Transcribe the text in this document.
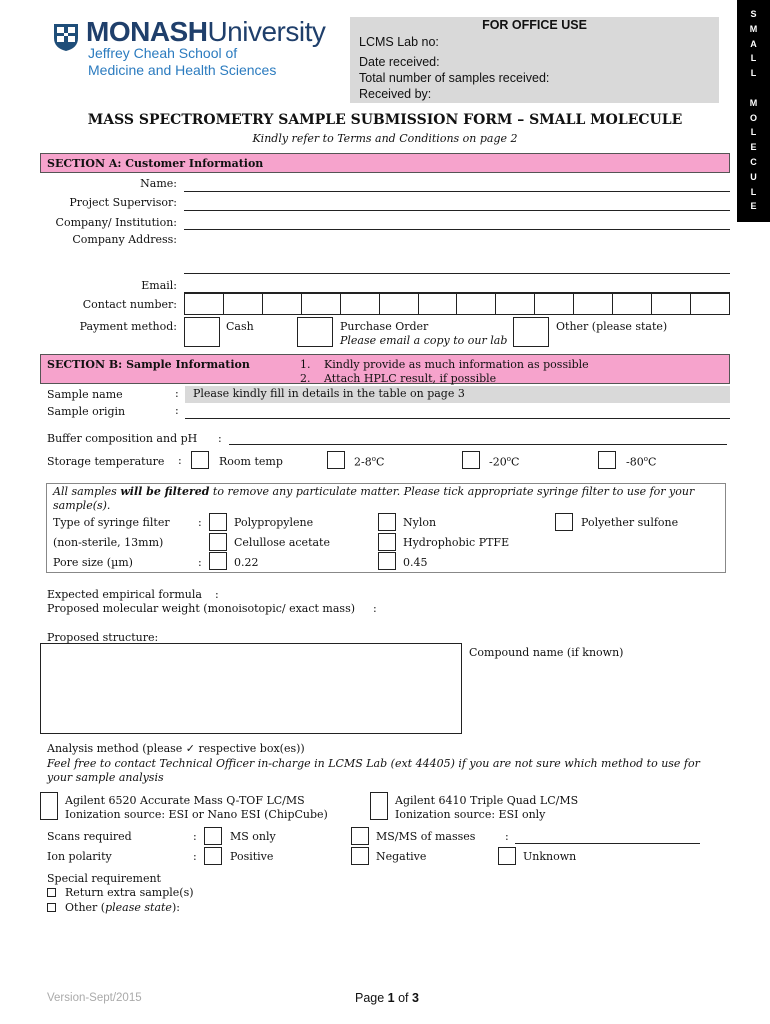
MONASHUniversity
Jeffrey Cheah School of
Medicine and Health Sciences
FOR OFFICE USE
LCMS Lab no:
Date received:
Total number of samples received:
Received by:
S
M
A
L
L
M
O
L
E
C
U
L
E
MASS SPECTROMETRY SAMPLE SUBMISSION FORM – SMALL MOLECULE
Kindly refer to Terms and Conditions on page 2
SECTION A: Customer Information
Name:
Project Supervisor:
Company/ Institution:
Company Address:
Email:
Contact number:
Payment method:	Cash	Purchase Order
Please email a copy to our lab
Other (please state)
SECTION B: Sample Information	1. Kindly provide as much information as possible
2. Attach HPLC result, if possible
Sample name	: Please kindly fill in details in the table on page 3
Sample origin	:
Buffer composition and pH :
Storage temperature :	Room temp	2-8$^o$C	-20$^o$C	-80$^o$C
All samples will be filtered to remove any particulate matter. Please tick appropriate syringe filter to use for your sample(s).
Type of syringe filter	:	Polypropylene	Nylon	Polyether sulfone
(non-sterile, 13mm)	Celullose acetate	Hydrophobic PTFE
Pore size (µm)	:	0.22	0.45
Expected empirical formula :
Proposed molecular weight (monoisotopic/ exact mass) :
Proposed structure:
Compound name (if known)
Analysis method (please ✓ respective box(es))
Feel free to contact Technical Officer in-charge in LCMS Lab (ext 44405) if you are not sure which method to use for your sample analysis
Agilent 6520 Accurate Mass Q-TOF LC/MS
Ionization source: ESI or Nano ESI (ChipCube)
Agilent 6410 Triple Quad LC/MS
Ionization source: ESI only
Scans required	:	MS only	MS/MS of masses	:
Ion polarity	:	Positive	Negative	Unknown
Special requirement
Return extra sample(s)
Other (please state):
Version-Sept/2015	Page 1 of 3
